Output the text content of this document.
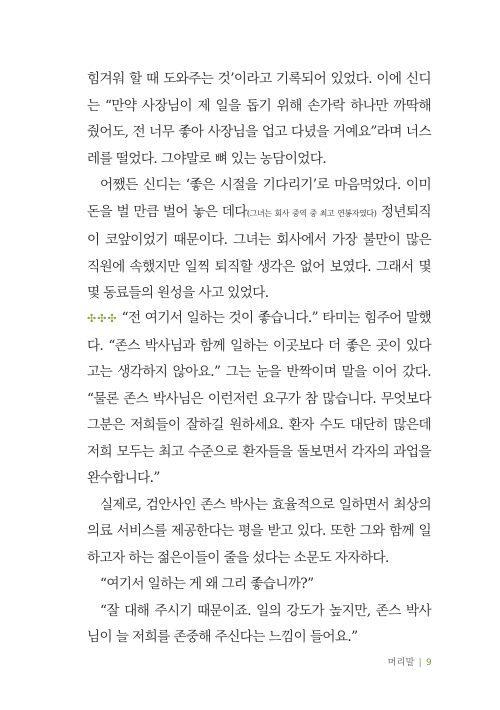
힘겨워 할 때 도와주는 것’이라고 기록되어 있었다. 이에 신디는 “만약 사장님이 제 일을 돕기 위해 손가락 하나만 까딱해 줬어도, 전 너무 좋아 사장님을 업고 다녔을 거예요”라며 너스레를 떨었다. 그야말로 뼈 있는 농담이었다.

어쨌든 신디는 ‘좋은 시절을 기다리기’로 마음먹었다. 이미 돈을 벌 만큼 벌어 놓은 데다(그녀는 회사 중역 중 최고 연봉자였다) 정년퇴직이 코앞이었기 때문이다. 그녀는 회사에서 가장 불만이 많은 직원에 속했지만 일찍 퇴직할 생각은 없어 보였다. 그래서 몇몇 동료들의 원성을 사고 있었다.

✣✣✣ “전 여기서 일하는 것이 좋습니다.” 타미는 힘주어 말했다. “존스 박사님과 함께 일하는 이곳보다 더 좋은 곳이 있다고는 생각하지 않아요.” 그는 눈을 반짝이며 말을 이어 갔다. “물론 존스 박사님은 이런저런 요구가 참 많습니다. 무엇보다 그분은 저희들이 잘하길 원하세요. 환자 수도 대단히 많은데 저희 모두는 최고 수준으로 환자들을 돌보면서 각자의 과업을 완수합니다.”

실제로, 검안사인 존스 박사는 효율적으로 일하면서 최상의 의료 서비스를 제공한다는 평을 받고 있다. 또한 그와 함께 일하고자 하는 젊은이들이 줄을 섰다는 소문도 자자하다.

“여기서 일하는 게 왜 그리 좋습니까?”

“잘 대해 주시기 때문이죠. 일의 강도가 높지만, 존스 박사님이 늘 저희를 존중해 주신다는 느낌이 들어요.”

머리말 | 9
